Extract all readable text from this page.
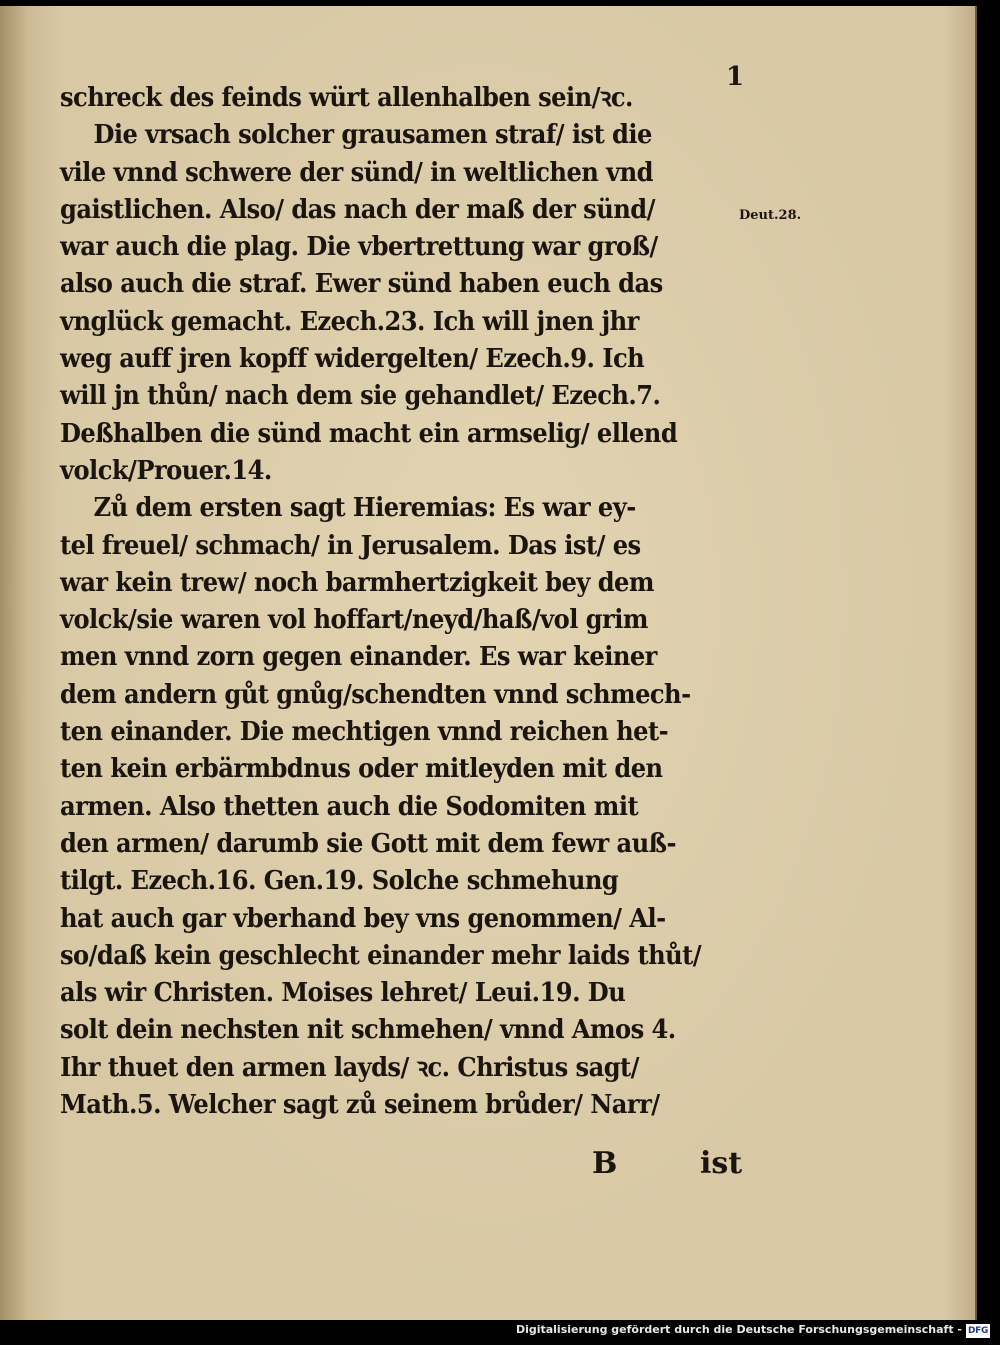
1
Deut.28.
schreck des feinds würt allenhalben sein/ꝛc.
Die vrsach solcher grausamen straf/ ist die
vile vnnd schwere der sünd/ in weltlichen vnd
gaistlichen. Also/ das nach der maß der sünd/
war auch die plag. Die vbertrettung war groß/
also auch die straf. Ewer sünd haben euch das
vnglück gemacht. Ezech.23. Ich will jnen jhr
weg auff jren kopff widergelten/ Ezech.9. Ich
will jn thůn/ nach dem sie gehandlet/ Ezech.7.
Deßhalben die sünd macht ein armselig/ ellend
volck/Prouer.14.
Zů dem ersten sagt Hieremias: Es war ey-
tel freuel/ schmach/ in Jerusalem. Das ist/ es
war kein trew/ noch barmhertzigkeit bey dem
volck/sie waren vol hoffart/neyd/haß/vol grim
men vnnd zorn gegen einander. Es war keiner
dem andern gůt gnůg/schendten vnnd schmech-
ten einander. Die mechtigen vnnd reichen het-
ten kein erbärmbdnus oder mitleyden mit den
armen. Also thetten auch die Sodomiten mit
den armen/ darumb sie Gott mit dem fewr auß-
tilgt. Ezech.16. Gen.19. Solche schmehung
hat auch gar vberhand bey vns genommen/ Al-
so/daß kein geschlecht einander mehr laids thůt/
als wir Christen. Moises lehret/ Leui.19. Du
solt dein nechsten nit schmehen/ vnnd Amos 4.
Ihr thuet den armen layds/ ꝛc. Christus sagt/
Math.5. Welcher sagt zů seinem brůder/ Narr/
B	ist
Digitalisierung gefördert durch die Deutsche Forschungsgemeinschaft - DFG
